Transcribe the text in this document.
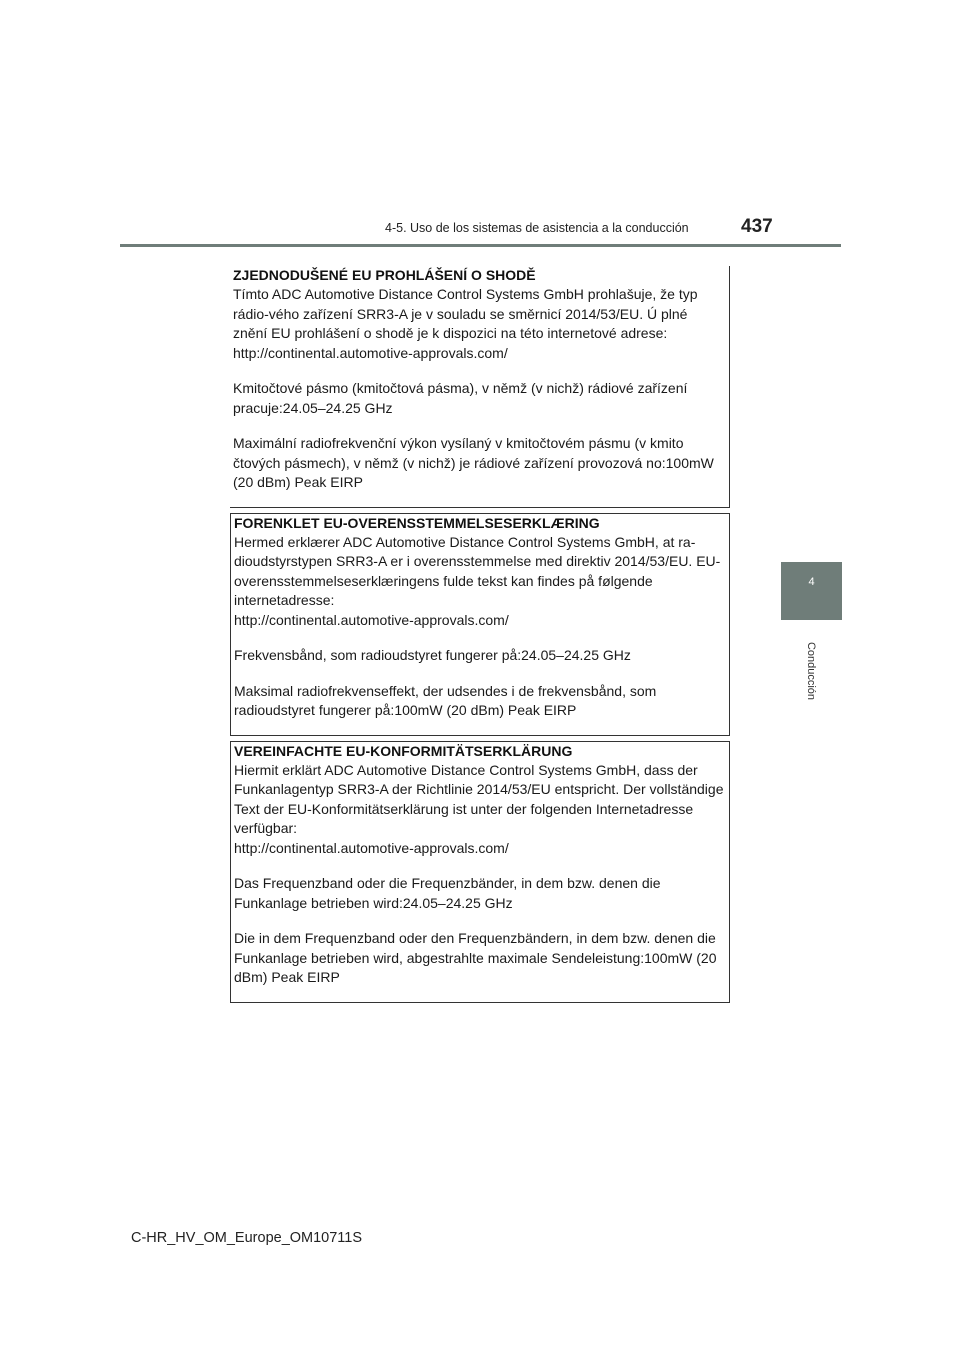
4-5. Uso de los sistemas de asistencia a la conducción	437
4
Conducción
ZJEDNODUŠENÉ EU PROHLÁŠENÍ O SHODĚ

Tímto ADC Automotive Distance Control Systems GmbH prohlašuje, že typ rádio-vého zařízení SRR3-A je v souladu se směrnicí 2014/53/EU. Ú plné znění EU prohlášení o shodě je k dispozici na této internetové adrese:
http://continental.automotive-approvals.com/

Kmitočtové pásmo (kmitočtová pásma), v němž (v nichž) rádiové zařízení pracuje:24.05–24.25 GHz

Maximální radiofrekvenční výkon vysílaný v kmitočtovém pásmu (v kmito čtových pásmech), v němž (v nichž) je rádiové zařízení provozová no:100mW (20 dBm) Peak EIRP

FORENKLET EU-OVERENSSTEMMELSESERKLÆRING

Hermed erklærer ADC Automotive Distance Control Systems GmbH, at ra-dioudstyrstypen SRR3-A er i overensstemmelse med direktiv 2014/53/EU. EU-overensstemmelseserklæringens fulde tekst kan findes på følgende internetadresse:
http://continental.automotive-approvals.com/

Frekvensbånd, som radioudstyret fungerer på:24.05–24.25 GHz

Maksimal radiofrekvenseffekt, der udsendes i de frekvensbånd, som radioudstyret fungerer på:100mW (20 dBm) Peak EIRP

VEREINFACHTE EU-KONFORMITÄTSERKLÄRUNG

Hiermit erklärt ADC Automotive Distance Control Systems GmbH, dass der Funkanlagentyp SRR3-A der Richtlinie 2014/53/EU entspricht. Der vollständige Text der EU-Konformitätserklärung ist unter der folgenden Internetadresse verfügbar:
http://continental.automotive-approvals.com/

Das Frequenzband oder die Frequenzbänder, in dem bzw. denen die Funkanlage betrieben wird:24.05–24.25 GHz

Die in dem Frequenzband oder den Frequenzbändern, in dem bzw. denen die Funkanlage betrieben wird, abgestrahlte maximale Sendeleistung:100mW (20 dBm) Peak EIRP

C-HR_HV_OM_Europe_OM10711S
